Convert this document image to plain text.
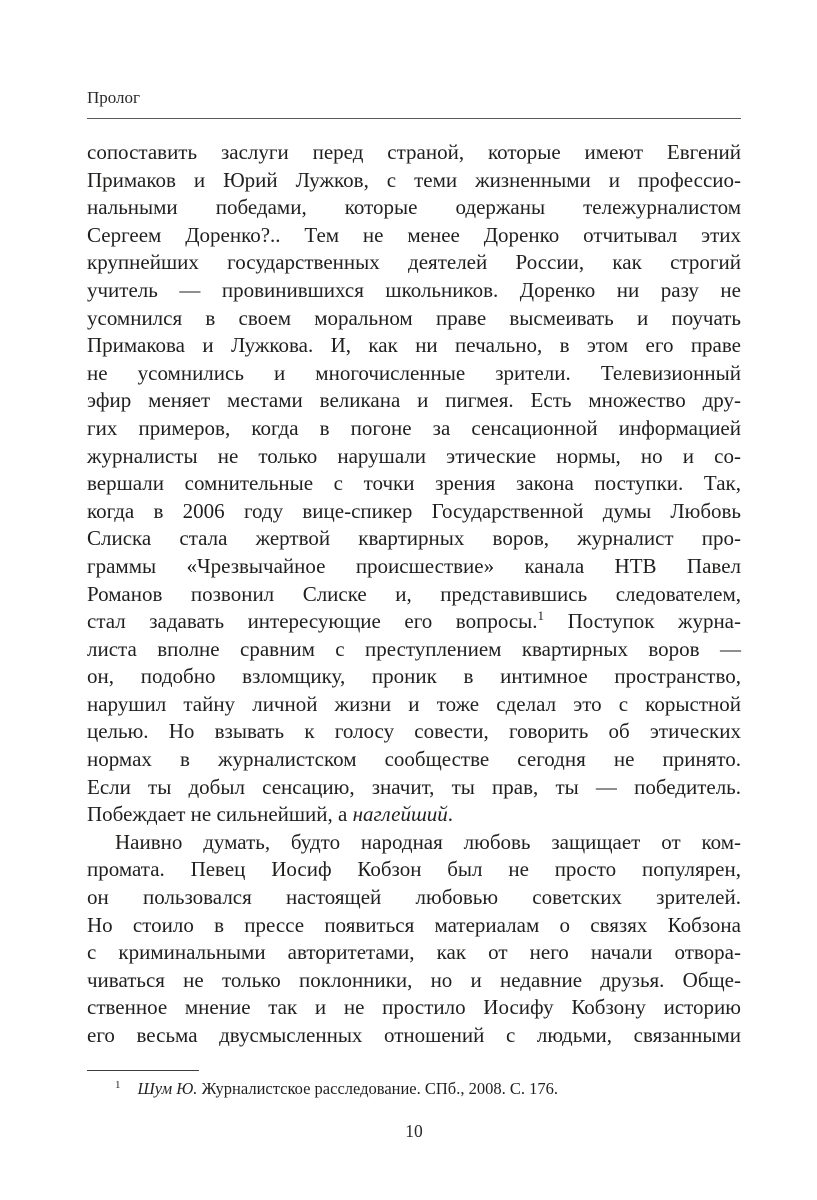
Пролог
сопоставить заслуги перед страной, которые имеют Евгений
Примаков и Юрий Лужков, с теми жизненными и профессио-
нальными победами, которые одержаны тележурналистом
Сергеем Доренко?.. Тем не менее Доренко отчитывал этих
крупнейших государственных деятелей России, как строгий
учитель — провинившихся школьников. Доренко ни разу не
усомнился в своем моральном праве высмеивать и поучать
Примакова и Лужкова. И, как ни печально, в этом его праве
не усомнились и многочисленные зрители. Телевизионный
эфир меняет местами великана и пигмея. Есть множество дру-
гих примеров, когда в погоне за сенсационной информацией
журналисты не только нарушали этические нормы, но и со-
вершали сомнительные с точки зрения закона поступки. Так,
когда в 2006 году вице-спикер Государственной думы Любовь
Слиска стала жертвой квартирных воров, журналист про-
граммы «Чрезвычайное происшествие» канала НТВ Павел
Романов позвонил Слиске и, представившись следователем,
стал задавать интересующие его вопросы.$^1$ Поступок журна-
листа вполне сравним с преступлением квартирных воров —
он, подобно взломщику, проник в интимное пространство,
нарушил тайну личной жизни и тоже сделал это с корыстной
целью. Но взывать к голосу совести, говорить об этических
нормах в журналистском сообществе сегодня не принято.
Если ты добыл сенсацию, значит, ты прав, ты — победитель.
Побеждает не сильнейший, а наглейший.
Наивно думать, будто народная любовь защищает от ком-
промата. Певец Иосиф Кобзон был не просто популярен,
он пользовался настоящей любовью советских зрителей.
Но стоило в прессе появиться материалам о связях Кобзона
с криминальными авторитетами, как от него начали отвора-
чиваться не только поклонники, но и недавние друзья. Обще-
ственное мнение так и не простило Иосифу Кобзону историю
его весьма двусмысленных отношений с людьми, связанными
$^1$ Шум Ю. Журналистское расследование. СПб., 2008. С. 176.
10
